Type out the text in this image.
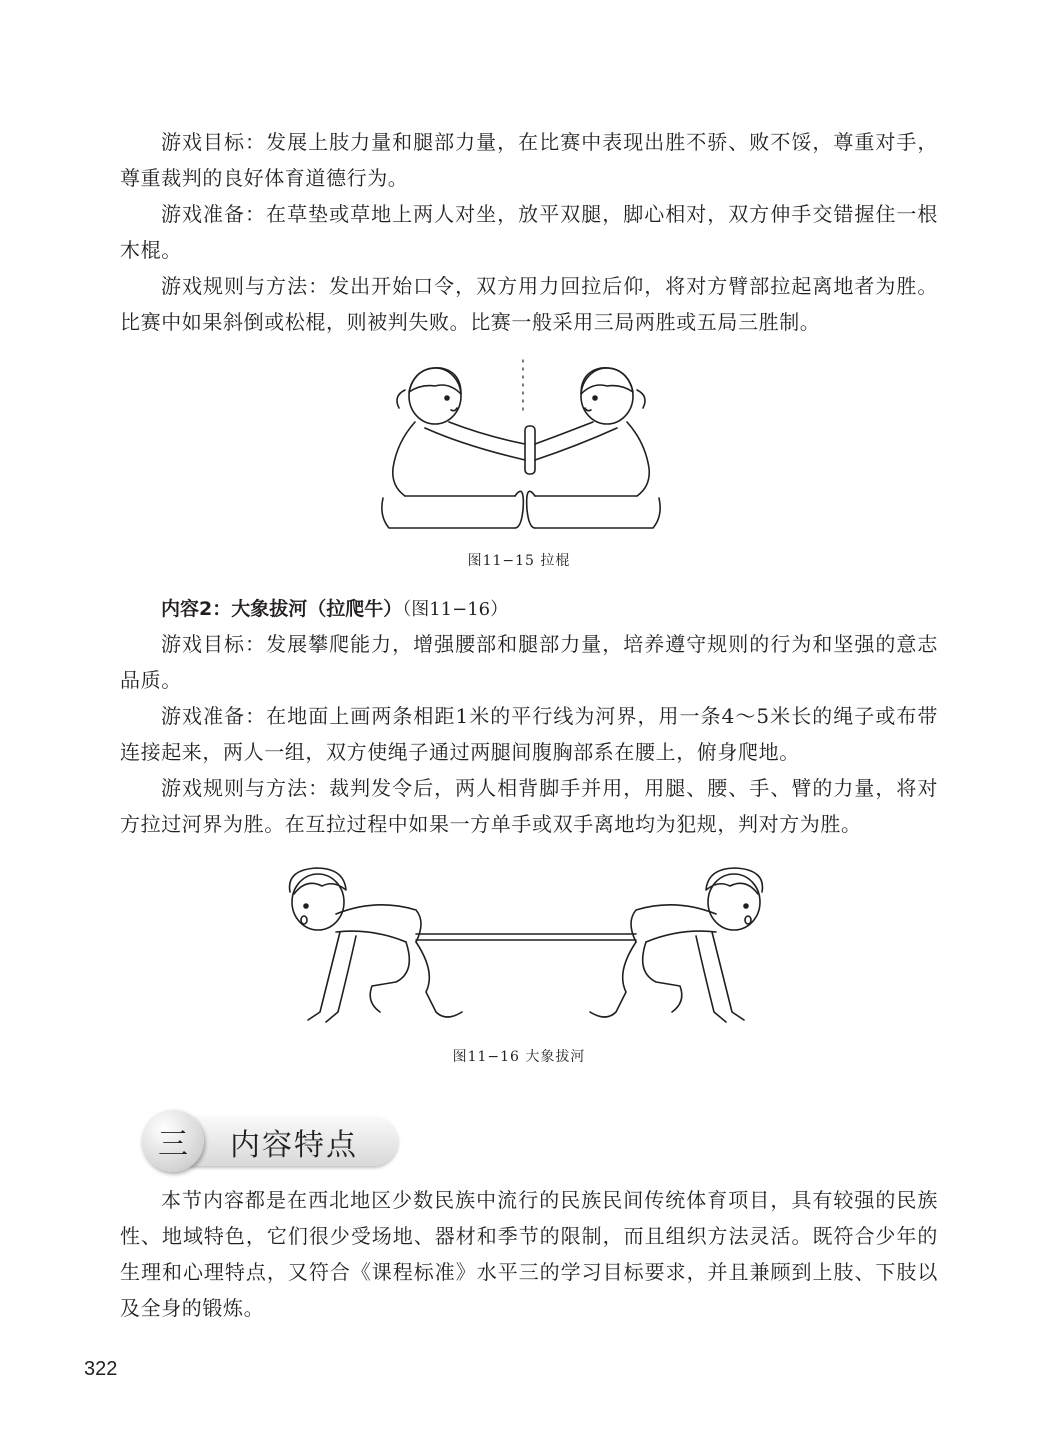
游戏目标：发展上肢力量和腿部力量，在比赛中表现出胜不骄、败不馁，尊重对手，尊重裁判的良好体育道德行为。

游戏准备：在草垫或草地上两人对坐，放平双腿，脚心相对，双方伸手交错握住一根木棍。

游戏规则与方法：发出开始口令，双方用力回拉后仰，将对方臂部拉起离地者为胜。比赛中如果斜倒或松棍，则被判失败。比赛一般采用三局两胜或五局三胜制。

图11−15 拉棍
内容2：大象拔河（拉爬牛）（图11−16）

游戏目标：发展攀爬能力，增强腰部和腿部力量，培养遵守规则的行为和坚强的意志品质。

游戏准备：在地面上画两条相距1米的平行线为河界，用一条4～5米长的绳子或布带连接起来，两人一组，双方使绳子通过两腿间腹胸部系在腰上，俯身爬地。

游戏规则与方法：裁判发令后，两人相背脚手并用，用腿、腰、手、臂的力量，将对方拉过河界为胜。在互拉过程中如果一方单手或双手离地均为犯规，判对方为胜。

图11−16 大象拔河
三	内容特点

本节内容都是在西北地区少数民族中流行的民族民间传统体育项目，具有较强的民族性、地域特色，它们很少受场地、器材和季节的限制，而且组织方法灵活。既符合少年的生理和心理特点，又符合《课程标准》水平三的学习目标要求，并且兼顾到上肢、下肢以及全身的锻炼。

322
